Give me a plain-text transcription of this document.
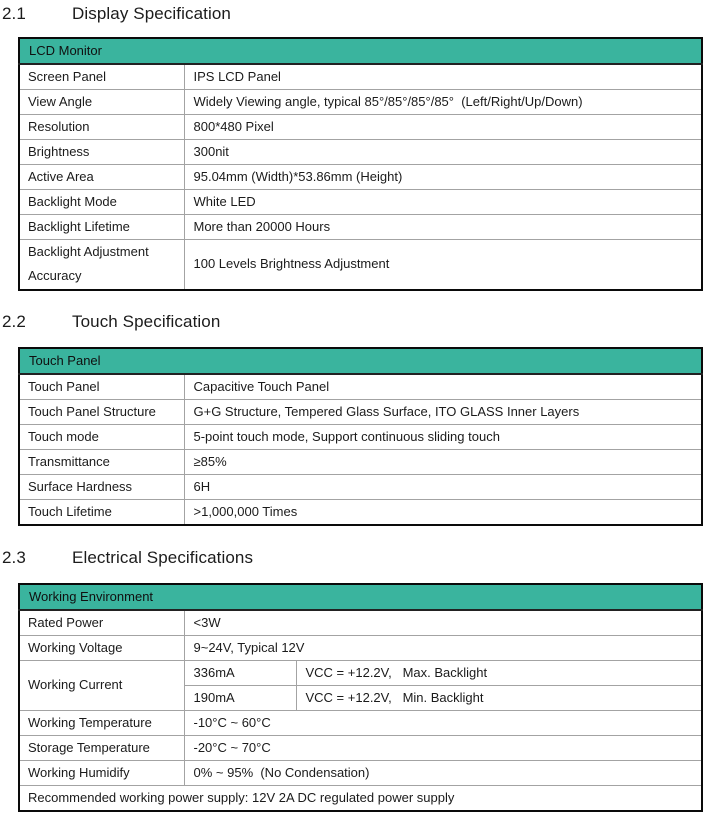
2.1	Display Specification
LCD Monitor	
Screen Panel	IPS LCD Panel
View Angle	Widely Viewing angle, typical 85°/85°/85°/85°  (Left/Right/Up/Down)
Resolution	800*480 Pixel
Brightness	300nit
Active Area	95.04mm (Width)*53.86mm (Height)
Backlight Mode	White LED
Backlight Lifetime	More than 20000 Hours
Backlight Adjustment Accuracy	100 Levels Brightness Adjustment
2.2	Touch Specification
Touch Panel	
Touch Panel	Capacitive Touch Panel
Touch Panel Structure	G+G Structure, Tempered Glass Surface, ITO GLASS Inner Layers
Touch mode	5-point touch mode, Support continuous sliding touch
Transmittance	≥85%
Surface Hardness	6H
Touch Lifetime	>1,000,000 Times
2.3	Electrical Specifications
Working Environment		
Rated Power	<3W	
Working Voltage	9~24V, Typical 12V	
Working Current	336mA	VCC = +12.2V,   Max. Backlight
	190mA	VCC = +12.2V,   Min. Backlight
Working Temperature	-10°C ~ 60°C	
Storage Temperature	-20°C ~ 70°C	
Working Humidify	0% ~ 95%  (No Condensation)	
Recommended working power supply: 12V 2A DC regulated power supply		
